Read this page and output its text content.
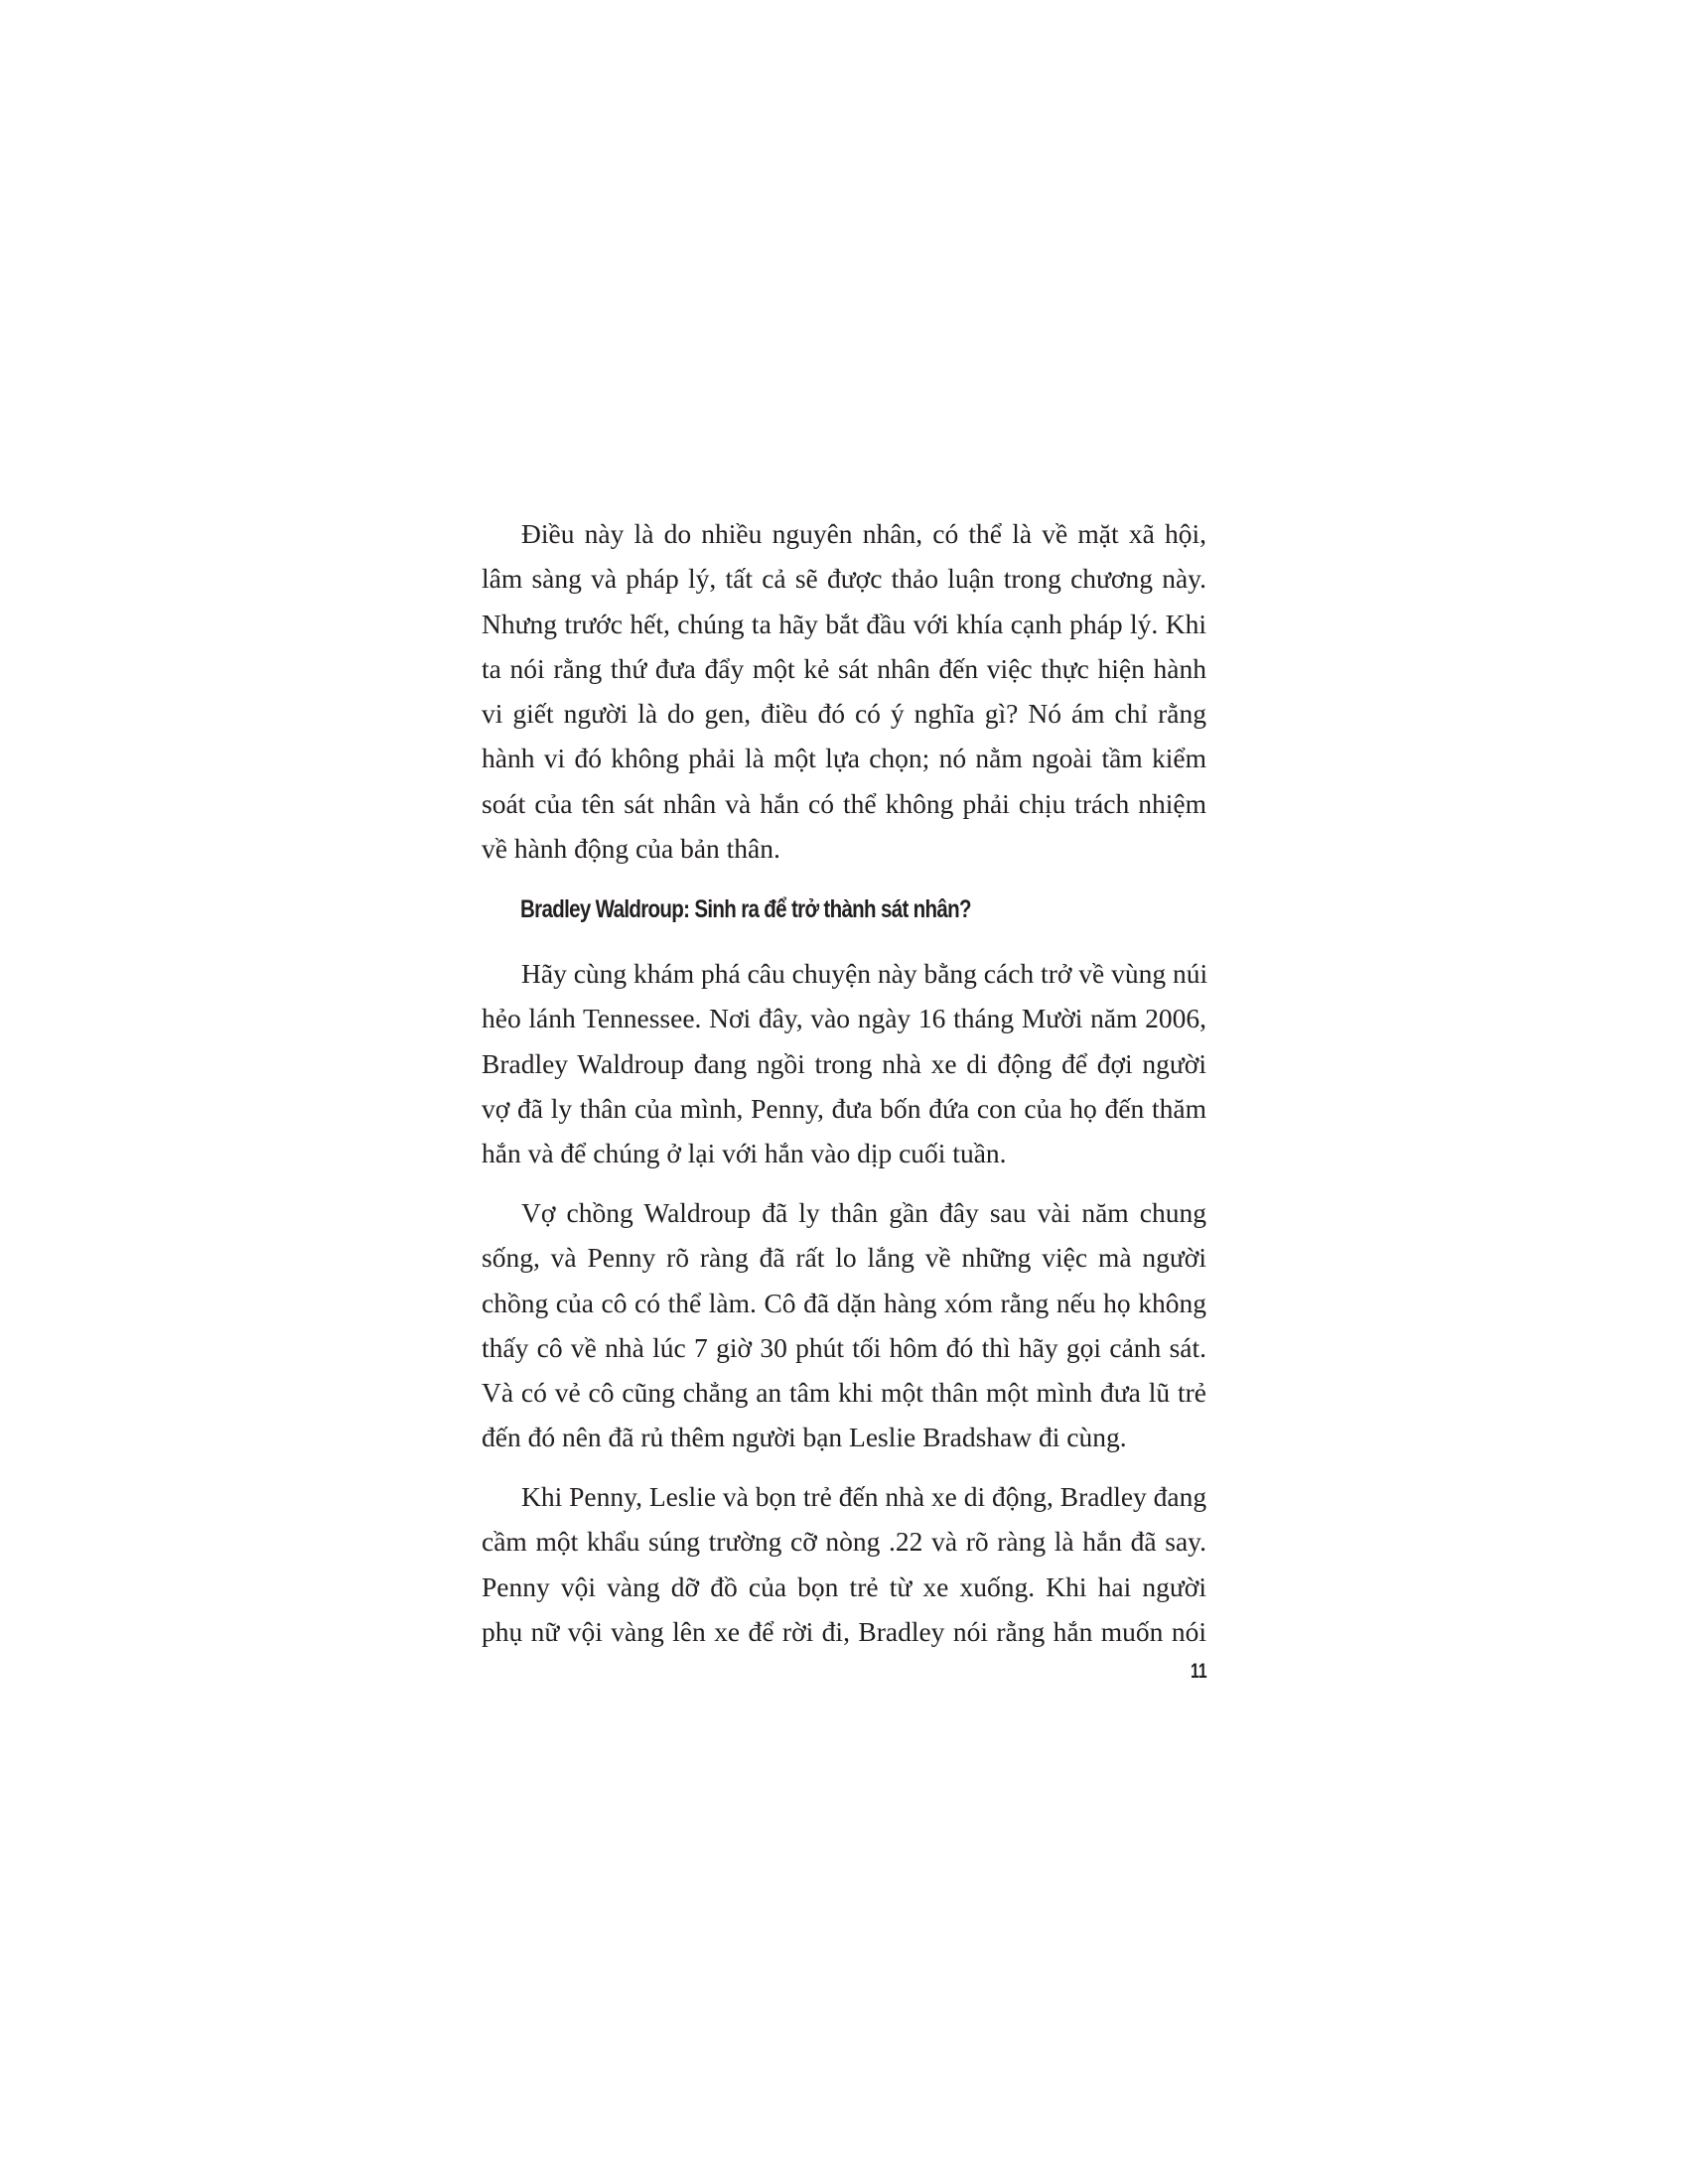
Điều này là do nhiều nguyên nhân, có thể là về mặt xã hội,
lâm sàng và pháp lý, tất cả sẽ được thảo luận trong chương này.
Nhưng trước hết, chúng ta hãy bắt đầu với khía cạnh pháp lý. Khi
ta nói rằng thứ đưa đẩy một kẻ sát nhân đến việc thực hiện hành
vi giết người là do gen, điều đó có ý nghĩa gì? Nó ám chỉ rằng
hành vi đó không phải là một lựa chọn; nó nằm ngoài tầm kiểm
soát của tên sát nhân và hắn có thể không phải chịu trách nhiệm
về hành động của bản thân.
Bradley Waldroup: Sinh ra để trở thành sát nhân?
Hãy cùng khám phá câu chuyện này bằng cách trở về vùng núi
hẻo lánh Tennessee. Nơi đây, vào ngày 16 tháng Mười năm 2006,
Bradley Waldroup đang ngồi trong nhà xe di động để đợi người
vợ đã ly thân của mình, Penny, đưa bốn đứa con của họ đến thăm
hắn và để chúng ở lại với hắn vào dịp cuối tuần.
Vợ chồng Waldroup đã ly thân gần đây sau vài năm chung
sống, và Penny rõ ràng đã rất lo lắng về những việc mà người
chồng của cô có thể làm. Cô đã dặn hàng xóm rằng nếu họ không
thấy cô về nhà lúc 7 giờ 30 phút tối hôm đó thì hãy gọi cảnh sát.
Và có vẻ cô cũng chẳng an tâm khi một thân một mình đưa lũ trẻ
đến đó nên đã rủ thêm người bạn Leslie Bradshaw đi cùng.
Khi Penny, Leslie và bọn trẻ đến nhà xe di động, Bradley đang
cầm một khẩu súng trường cỡ nòng .22 và rõ ràng là hắn đã say.
Penny vội vàng dỡ đồ của bọn trẻ từ xe xuống. Khi hai người
phụ nữ vội vàng lên xe để rời đi, Bradley nói rằng hắn muốn nói
11
